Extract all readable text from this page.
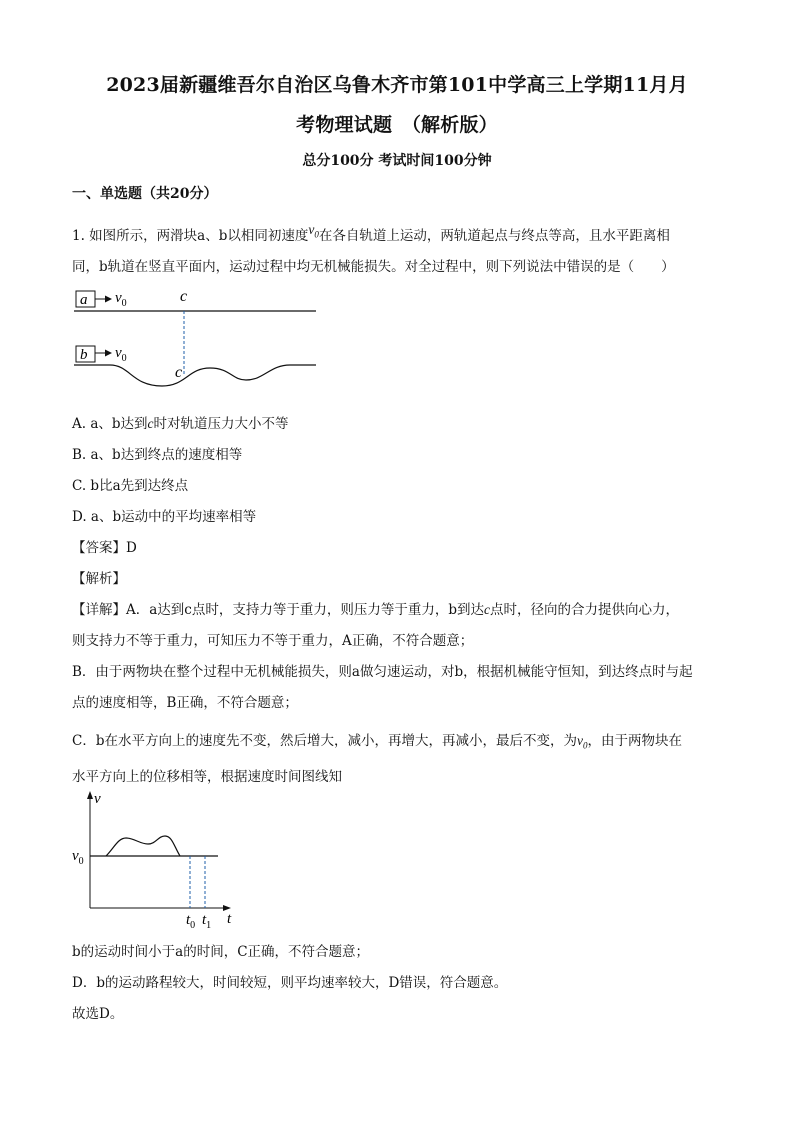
2023届新疆维吾尔自治区乌鲁木齐市第101中学高三上学期11月月
考物理试题　（解析版）
总分100分 考试时间100分钟
一、单选题（共20分）
1. 如图所示，两滑块a、b以相同初速度$v_0$在各自轨道上运动，两轨道起点与终点等高，且水平距离相
同，b轨道在竖直平面内，运动过程中均无机械能损失。对全过程中，则下列说法中错误的是（　　）
a $v_0$	c
b $v_0$
c
A. a、b达到c时对轨道压力大小不等
B. a、b达到终点的速度相等
C. b比a先到达终点
D. a、b运动中的平均速率相等
【答案】D
【解析】
【详解】A．a达到c点时，支持力等于重力，则压力等于重力，b到达c点时，径向的合力提供向心力，
则支持力不等于重力，可知压力不等于重力，A正确，不符合题意；
B．由于两物块在整个过程中无机械能损失，则a做匀速运动，对b，根据机械能守恒知，到达终点时与起
点的速度相等，B正确，不符合题意；
C．b在水平方向上的速度先不变，然后增大，减小，再增大，再减小，最后不变，为$v_0$，由于两物块在
水平方向上的位移相等，根据速度时间图线知
v
t
$v_0$
$t_0$ $t_1$
b的运动时间小于a的时间，C正确，不符合题意；
D．b的运动路程较大，时间较短，则平均速率较大，D错误，符合题意。
故选D。
